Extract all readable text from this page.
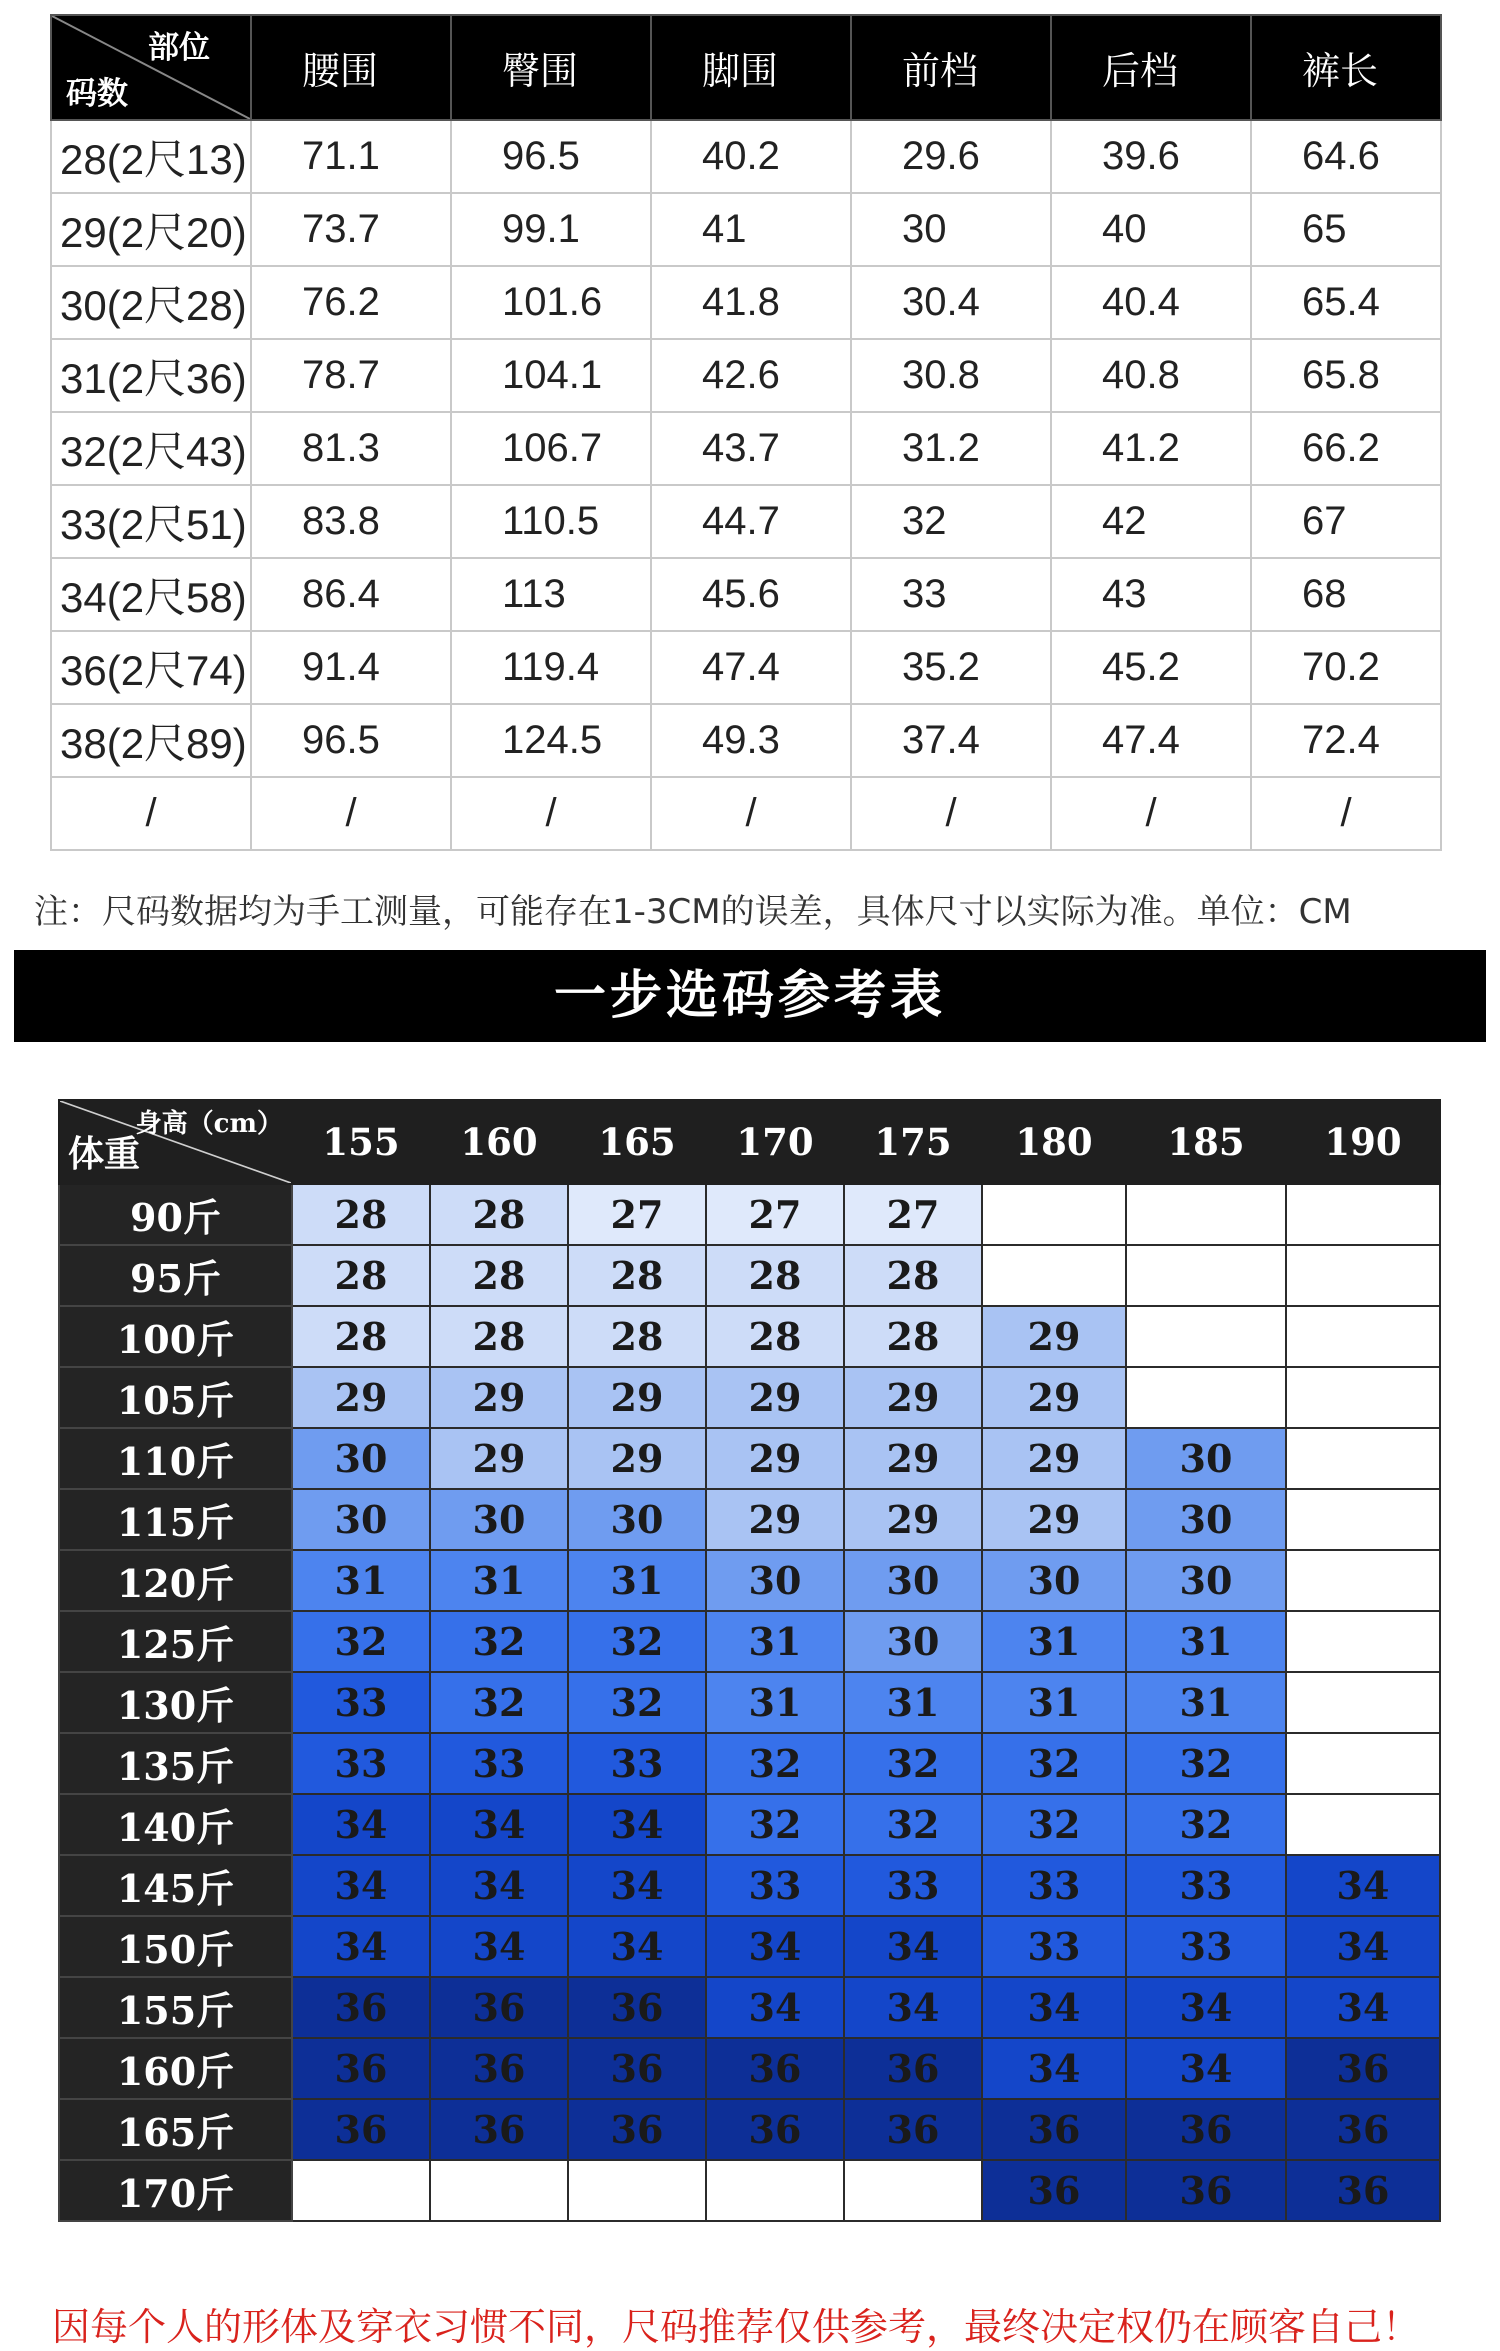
部位
码数	腰围	臀围	脚围	前档	后档	裤长
28(2尺13)	71.1	96.5	40.2	29.6	39.6	64.6
29(2尺20)	73.7	99.1	41	30	40	65
30(2尺28)	76.2	101.6	41.8	30.4	40.4	65.4
31(2尺36)	78.7	104.1	42.6	30.8	40.8	65.8
32(2尺43)	81.3	106.7	43.7	31.2	41.2	66.2
33(2尺51)	83.8	110.5	44.7	32	42	67
34(2尺58)	86.4	113	45.6	33	43	68
36(2尺74)	91.4	119.4	47.4	35.2	45.2	70.2
38(2尺89)	96.5	124.5	49.3	37.4	47.4	72.4
/	/	/	/	/	/	/
注：尺码数据均为手工测量，可能存在1-3CM的误差，具体尺寸以实际为准。单位：CM
一步选码参考表
身高（cm）
体重	155	160	165	170	175	180	185	190
90斤	28	28	27	27	27			
95斤	28	28	28	28	28			
100斤	28	28	28	28	28	29		
105斤	29	29	29	29	29	29		
110斤	30	29	29	29	29	29	30	
115斤	30	30	30	29	29	29	30	
120斤	31	31	31	30	30	30	30	
125斤	32	32	32	31	30	31	31	
130斤	33	32	32	31	31	31	31	
135斤	33	33	33	32	32	32	32	
140斤	34	34	34	32	32	32	32	
145斤	34	34	34	33	33	33	33	34
150斤	34	34	34	34	34	33	33	34
155斤	36	36	36	34	34	34	34	34
160斤	36	36	36	36	36	34	34	36
165斤	36	36	36	36	36	36	36	36
170斤						36	36	36
因每个人的形体及穿衣习惯不同，尺码推荐仅供参考，最终决定权仍在顾客自己！
